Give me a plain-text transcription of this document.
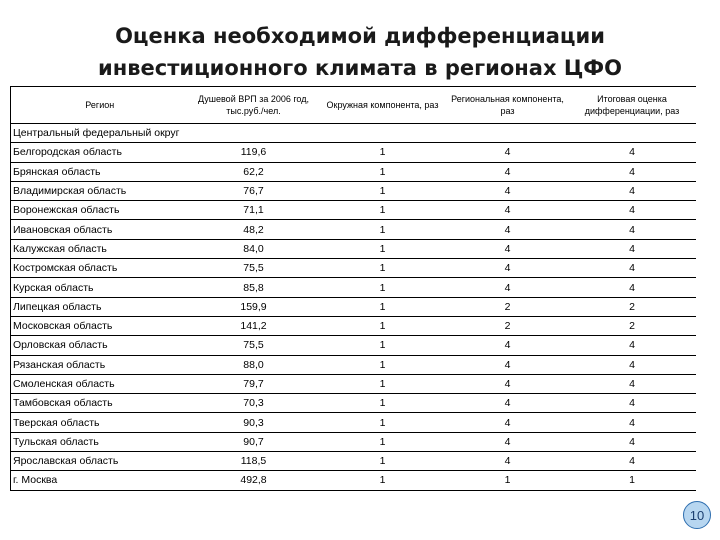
Оценка необходимой дифференциации
инвестиционного климата в регионах ЦФО
Регион	Душевой ВРП за 2006 год, тыс.руб./чел.	Окружная компонента, раз	Региональная компонента, раз	Итоговая оценка дифференциации, раз
Центральный федеральный округ				
Белгородская область	119,6	1	4	4
Брянская область	62,2	1	4	4
Владимирская область	76,7	1	4	4
Воронежская область	71,1	1	4	4
Ивановская область	48,2	1	4	4
Калужская область	84,0	1	4	4
Костромская область	75,5	1	4	4
Курская область	85,8	1	4	4
Липецкая область	159,9	1	2	2
Московская область	141,2	1	2	2
Орловская область	75,5	1	4	4
Рязанская область	88,0	1	4	4
Смоленская область	79,7	1	4	4
Тамбовская область	70,3	1	4	4
Тверская область	90,3	1	4	4
Тульская область	90,7	1	4	4
Ярославская область	118,5	1	4	4
г. Москва	492,8	1	1	1
10
